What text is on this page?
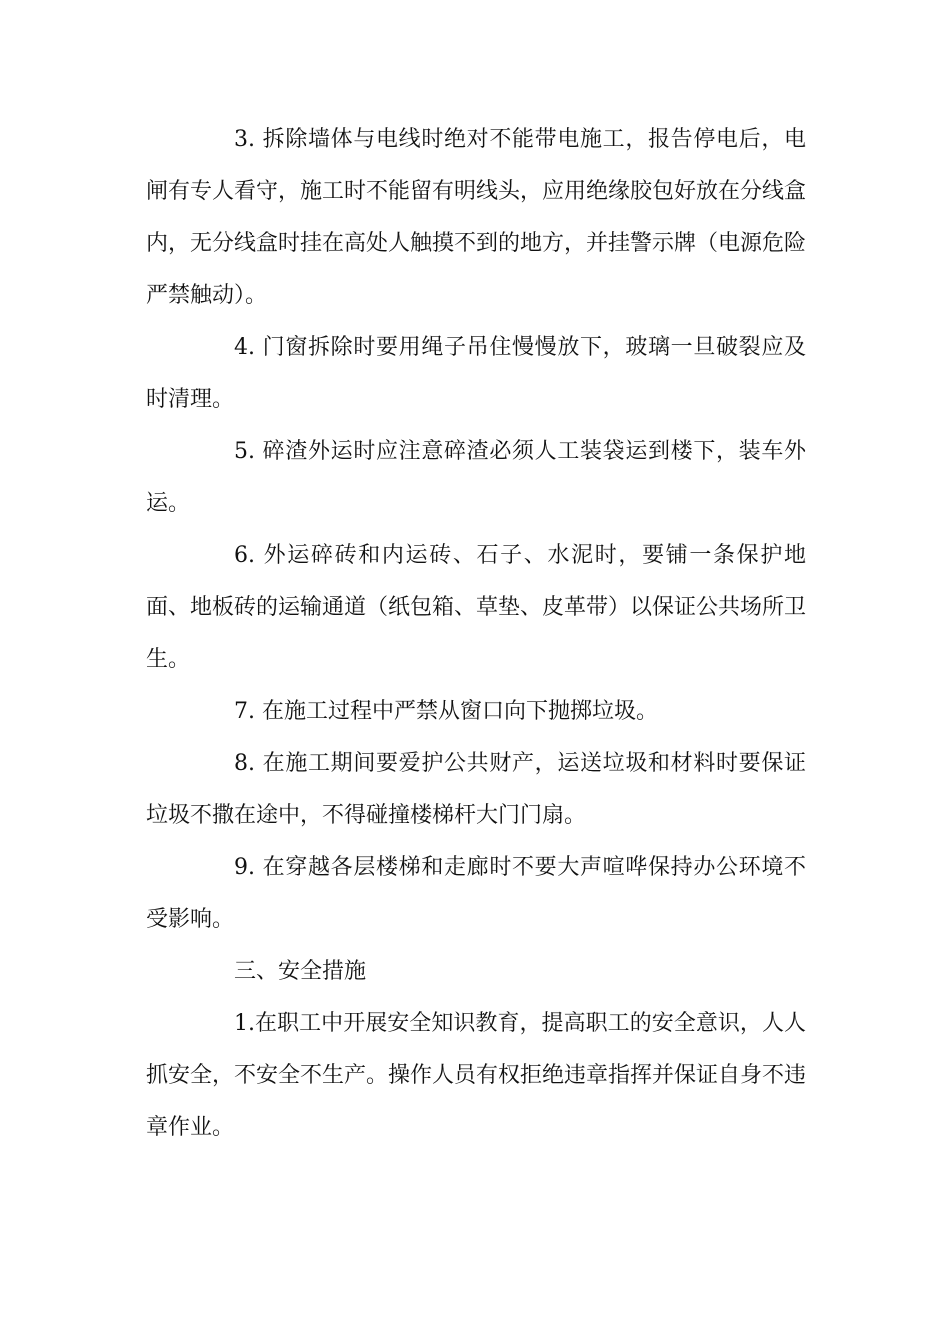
3. 拆除墙体与电线时绝对不能带电施工，报告停电后，电闸有专人看守，施工时不能留有明线头，应用绝缘胶包好放在分线盒内，无分线盒时挂在高处人触摸不到的地方，并挂警示牌（电源危险严禁触动）。

4. 门窗拆除时要用绳子吊住慢慢放下，玻璃一旦破裂应及时清理。

5. 碎渣外运时应注意碎渣必须人工装袋运到楼下，装车外运。

6. 外运碎砖和内运砖、石子、水泥时，要铺一条保护地面、地板砖的运输通道（纸包箱、草垫、皮革带）以保证公共场所卫生。

7. 在施工过程中严禁从窗口向下抛掷垃圾。

8. 在施工期间要爱护公共财产，运送垃圾和材料时要保证垃圾不撒在途中，不得碰撞楼梯杆大门门扇。

9. 在穿越各层楼梯和走廊时不要大声喧哗保持办公环境不受影响。

三、安全措施

1.在职工中开展安全知识教育，提高职工的安全意识，人人抓安全，不安全不生产。操作人员有权拒绝违章指挥并保证自身不违章作业。
